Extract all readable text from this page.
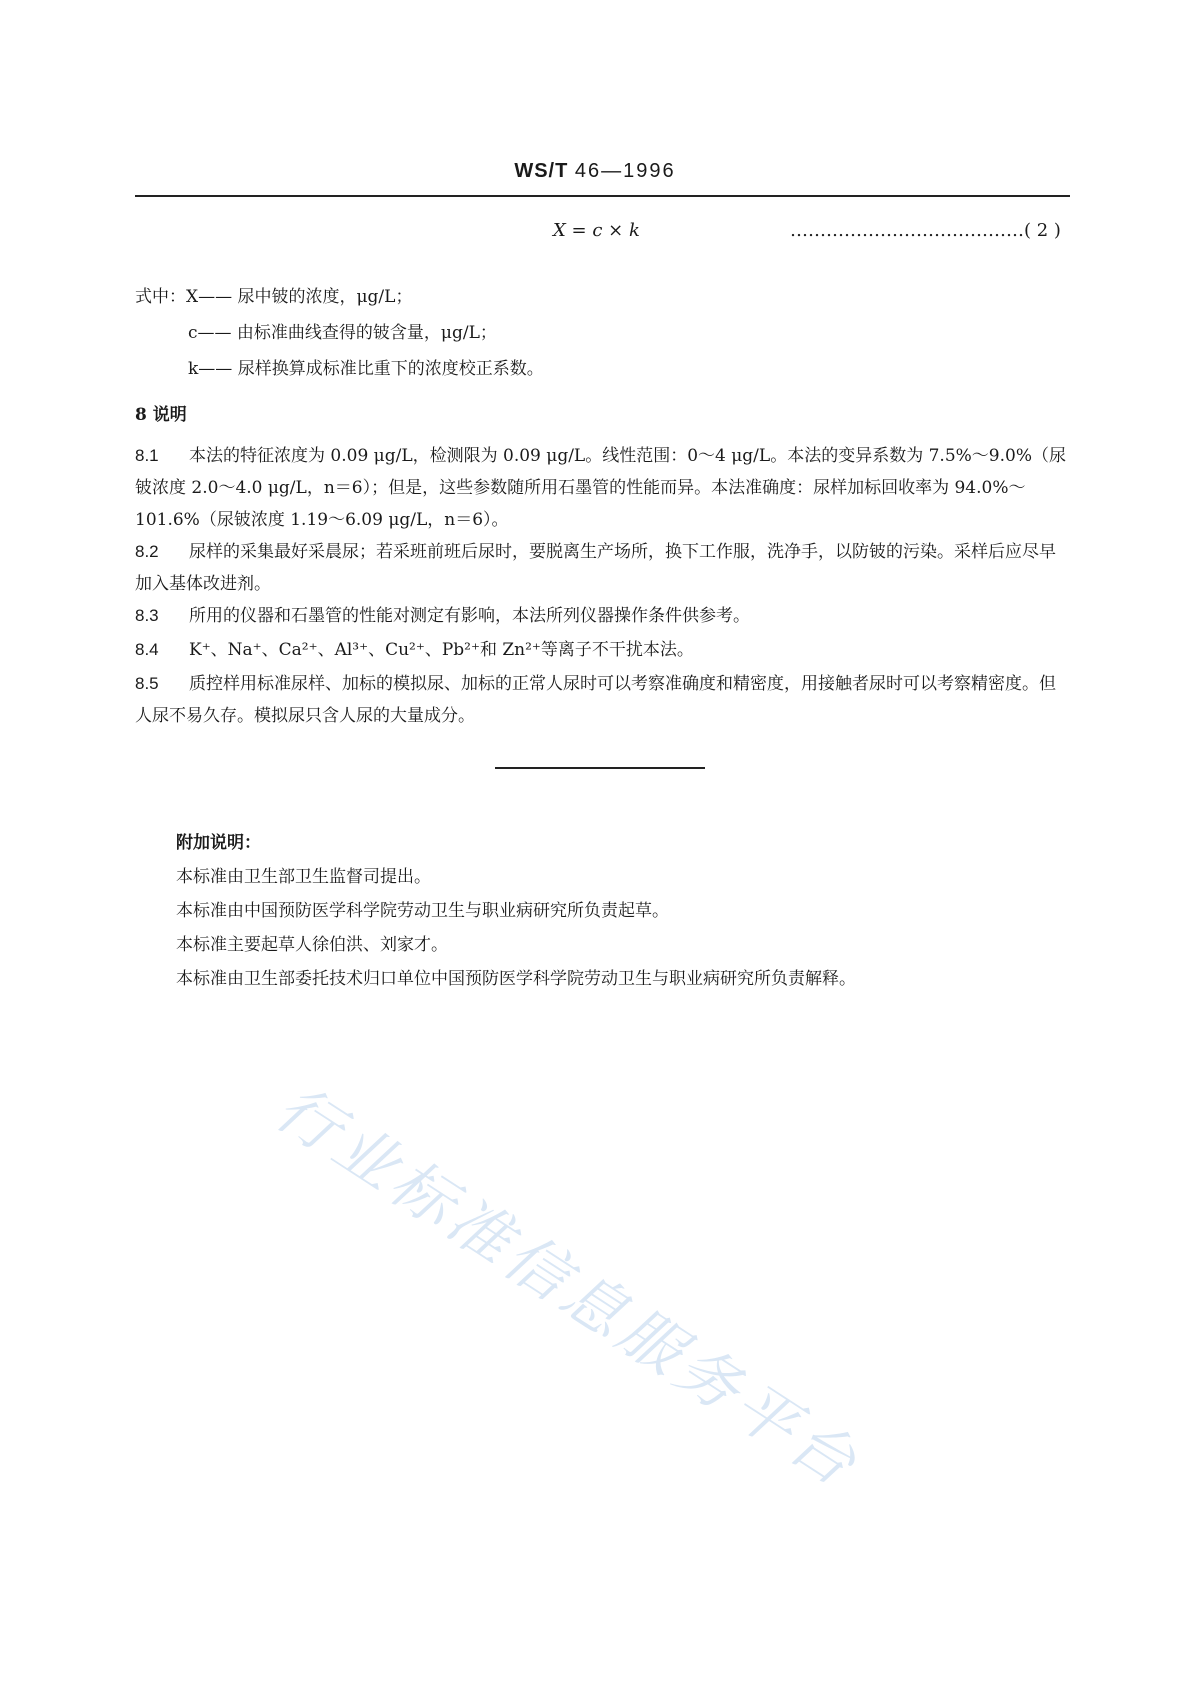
WS/T 46—1996
X = c × k	…………………………………( 2 )
式中：X—— 尿中铍的浓度，μg/L；
c—— 由标准曲线查得的铍含量，μg/L；
k—— 尿样换算成标准比重下的浓度校正系数。
8 说明
8.1 本法的特征浓度为 0.09 μg/L，检测限为 0.09 μg/L。线性范围：0～4 μg/L。本法的变异系数为 7.5%～9.0%（尿铍浓度 2.0～4.0 μg/L，n＝6）；但是，这些参数随所用石墨管的性能而异。本法准确度：尿样加标回收率为 94.0%～101.6%（尿铍浓度 1.19～6.09 μg/L，n＝6）。
8.2 尿样的采集最好采晨尿；若采班前班后尿时，要脱离生产场所，换下工作服，洗净手，以防铍的污染。采样后应尽早加入基体改进剂。
8.3 所用的仪器和石墨管的性能对测定有影响，本法所列仪器操作条件供参考。
8.4 K⁺、Na⁺、Ca²⁺、Al³⁺、Cu²⁺、Pb²⁺和 Zn²⁺等离子不干扰本法。
8.5 质控样用标准尿样、加标的模拟尿、加标的正常人尿时可以考察准确度和精密度，用接触者尿时可以考察精密度。但人尿不易久存。模拟尿只含人尿的大量成分。
附加说明：
本标准由卫生部卫生监督司提出。
本标准由中国预防医学科学院劳动卫生与职业病研究所负责起草。
本标准主要起草人徐伯洪、刘家才。
本标准由卫生部委托技术归口单位中国预防医学科学院劳动卫生与职业病研究所负责解释。
行业标准信息服务平台
